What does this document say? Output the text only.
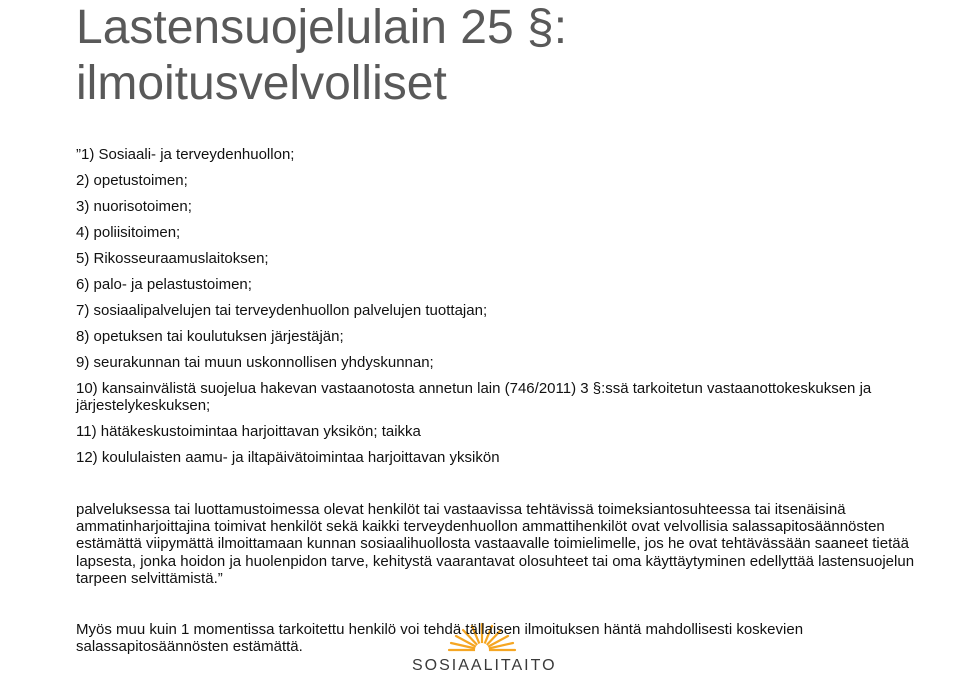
Lastensuojelulain 25 §: ilmoitusvelvolliset
”1) Sosiaali- ja terveydenhuollon;
2) opetustoimen;
3) nuorisotoimen;
4) poliisitoimen;
5) Rikosseuraamuslaitoksen;
6) palo- ja pelastustoimen;
7) sosiaalipalvelujen tai terveydenhuollon palvelujen tuottajan;
8) opetuksen tai koulutuksen järjestäjän;
9) seurakunnan tai muun uskonnollisen yhdyskunnan;
10) kansainvälistä suojelua hakevan vastaanotosta annetun lain (746/2011) 3 §:ssä tarkoitetun vastaanottokeskuksen ja järjestelykeskuksen;
11) hätäkeskustoimintaa harjoittavan yksikön; taikka
12) koululaisten aamu- ja iltapäivätoimintaa harjoittavan yksikön
palveluksessa tai luottamustoimessa olevat henkilöt tai vastaavissa tehtävissä toimeksiantosuhteessa tai itsenäisinä ammatinharjoittajina toimivat henkilöt sekä kaikki terveydenhuollon ammattihenkilöt ovat velvollisia salassapitosäännösten estämättä viipymättä ilmoittamaan kunnan sosiaalihuollosta vastaavalle toimielimelle, jos he ovat tehtävässään saaneet tietää lapsesta, jonka hoidon ja huolenpidon tarve, kehitystä vaarantavat olosuhteet tai oma käyttäytyminen edellyttää lastensuojelun tarpeen selvittämistä.”
SOSIAALITAITO
Myös muu kuin 1 momentissa tarkoitettu henkilö voi tehdä tällaisen ilmoituksen häntä mahdollisesti koskevien salassapitosäännösten estämättä.
